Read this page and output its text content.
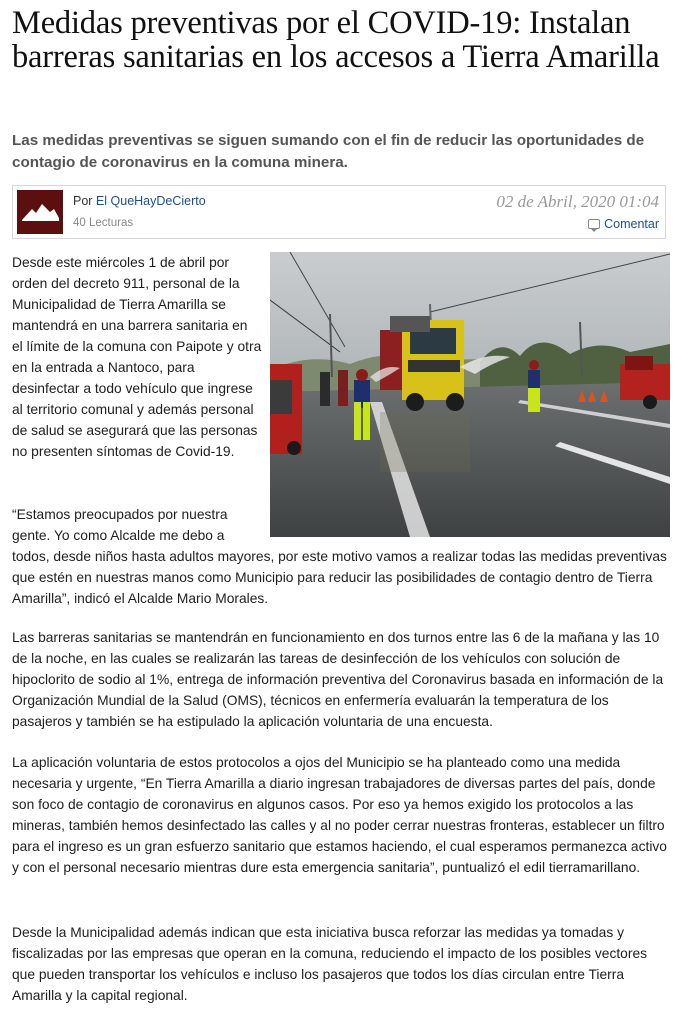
Medidas preventivas por el COVID-19: Instalan barreras sanitarias en los accesos a Tierra Amarilla

Las medidas preventivas se siguen sumando con el fin de reducir las oportunidades de contagio de coronavirus en la comuna minera.

Por El QueHayDeCierto
40 Lecturas
02 de Abril, 2020 01:04
Comentar

Desde este miércoles 1 de abril por orden del decreto 911, personal de la Municipalidad de Tierra Amarilla se mantendrá en una barrera sanitaria en el límite de la comuna con Paipote y otra en la entrada a Nantoco, para desinfectar a todo vehículo que ingrese al territorio comunal y además personal de salud se asegurará que las personas no presenten síntomas de Covid-19.

“Estamos preocupados por nuestra gente. Yo como Alcalde me debo a

todos, desde niños hasta adultos mayores, por este motivo vamos a realizar todas las medidas preventivas que estén en nuestras manos como Municipio para reducir las posibilidades de contagio dentro de Tierra Amarilla”, indicó el Alcalde Mario Morales.

Las barreras sanitarias se mantendrán en funcionamiento en dos turnos entre las 6 de la mañana y las 10 de la noche, en las cuales se realizarán las tareas de desinfección de los vehículos con solución de hipoclorito de sodio al 1%, entrega de información preventiva del Coronavirus basada en información de la Organización Mundial de la Salud (OMS), técnicos en enfermería evaluarán la temperatura de los pasajeros y también se ha estipulado la aplicación voluntaria de una encuesta.

La aplicación voluntaria de estos protocolos a ojos del Municipio se ha planteado como una medida necesaria y urgente, “En Tierra Amarilla a diario ingresan trabajadores de diversas partes del país, donde son foco de contagio de coronavirus en algunos casos. Por eso ya hemos exigido los protocolos a las mineras, también hemos desinfectado las calles y al no poder cerrar nuestras fronteras, establecer un filtro para el ingreso es un gran esfuerzo sanitario que estamos haciendo, el cual esperamos permanezca activo y con el personal necesario mientras dure esta emergencia sanitaria”, puntualizó el edil tierramarillano.

Desde la Municipalidad además indican que esta iniciativa busca reforzar las medidas ya tomadas y fiscalizadas por las empresas que operan en la comuna, reduciendo el impacto de los posibles vectores que pueden transportar los vehículos e incluso los pasajeros que todos los días circulan entre Tierra Amarilla y la capital regional.
